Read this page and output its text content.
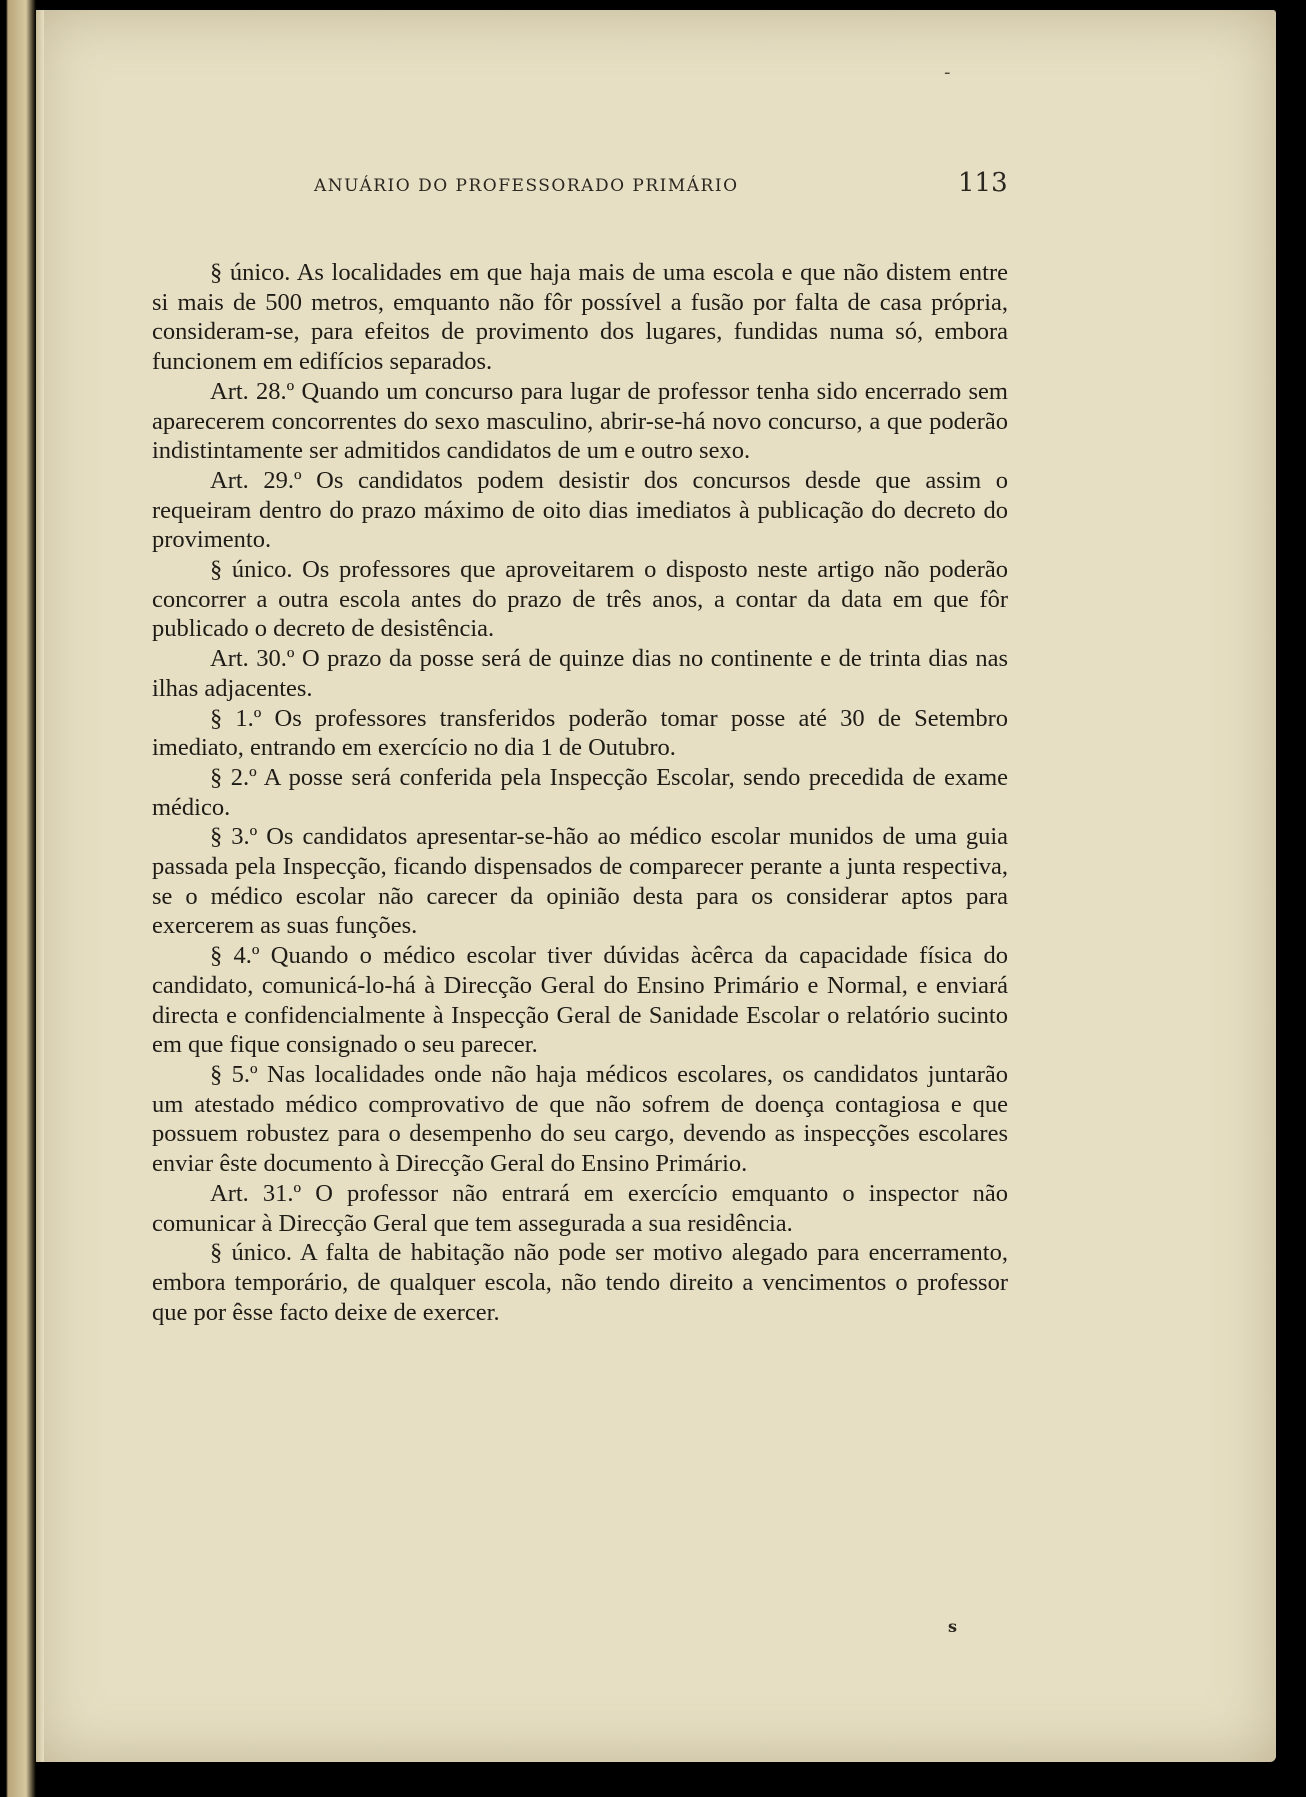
-
ANUÁRIO DO PROFESSORADO PRIMÁRIO	113

§ único. As localidades em que haja mais de uma escola e que não distem entre si mais de 500 metros, emquanto não fôr possível a fusão por falta de casa própria, consideram-se, para efeitos de provimento dos lugares, fundidas numa só, embora funcionem em edifícios separados.

Art. 28.º Quando um concurso para lugar de professor tenha sido encerrado sem aparecerem concorrentes do sexo masculino, abrir-se-há novo concurso, a que poderão indistintamente ser admitidos candidatos de um e outro sexo.

Art. 29.º Os candidatos podem desistir dos concursos desde que assim o requeiram dentro do prazo máximo de oito dias imediatos à publicação do decreto do provimento.

§ único. Os professores que aproveitarem o disposto neste artigo não poderão concorrer a outra escola antes do prazo de três anos, a contar da data em que fôr publicado o decreto de desistência.

Art. 30.º O prazo da posse será de quinze dias no continente e de trinta dias nas ilhas adjacentes.

§ 1.º Os professores transferidos poderão tomar posse até 30 de Setembro imediato, entrando em exercício no dia 1 de Outubro.

§ 2.º A posse será conferida pela Inspecção Escolar, sendo precedida de exame médico.

§ 3.º Os candidatos apresentar-se-hão ao médico escolar munidos de uma guia passada pela Inspecção, ficando dispensados de comparecer perante a junta respectiva, se o médico escolar não carecer da opinião desta para os considerar aptos para exercerem as suas funções.

§ 4.º Quando o médico escolar tiver dúvidas àcêrca da capacidade física do candidato, comunicá-lo-há à Direcção Geral do Ensino Primário e Normal, e enviará directa e confidencialmente à Inspecção Geral de Sanidade Escolar o relatório sucinto em que fique consignado o seu parecer.

§ 5.º Nas localidades onde não haja médicos escolares, os candidatos juntarão um atestado médico comprovativo de que não sofrem de doença contagiosa e que possuem robustez para o desempenho do seu cargo, devendo as inspecções escolares enviar êste documento à Direcção Geral do Ensino Primário.

Art. 31.º O professor não entrará em exercício emquanto o inspector não comunicar à Direcção Geral que tem assegurada a sua residência.

§ único. A falta de habitação não pode ser motivo alegado para encerramento, embora temporário, de qualquer escola, não tendo direito a vencimentos o professor que por êsse facto deixe de exercer.

s
